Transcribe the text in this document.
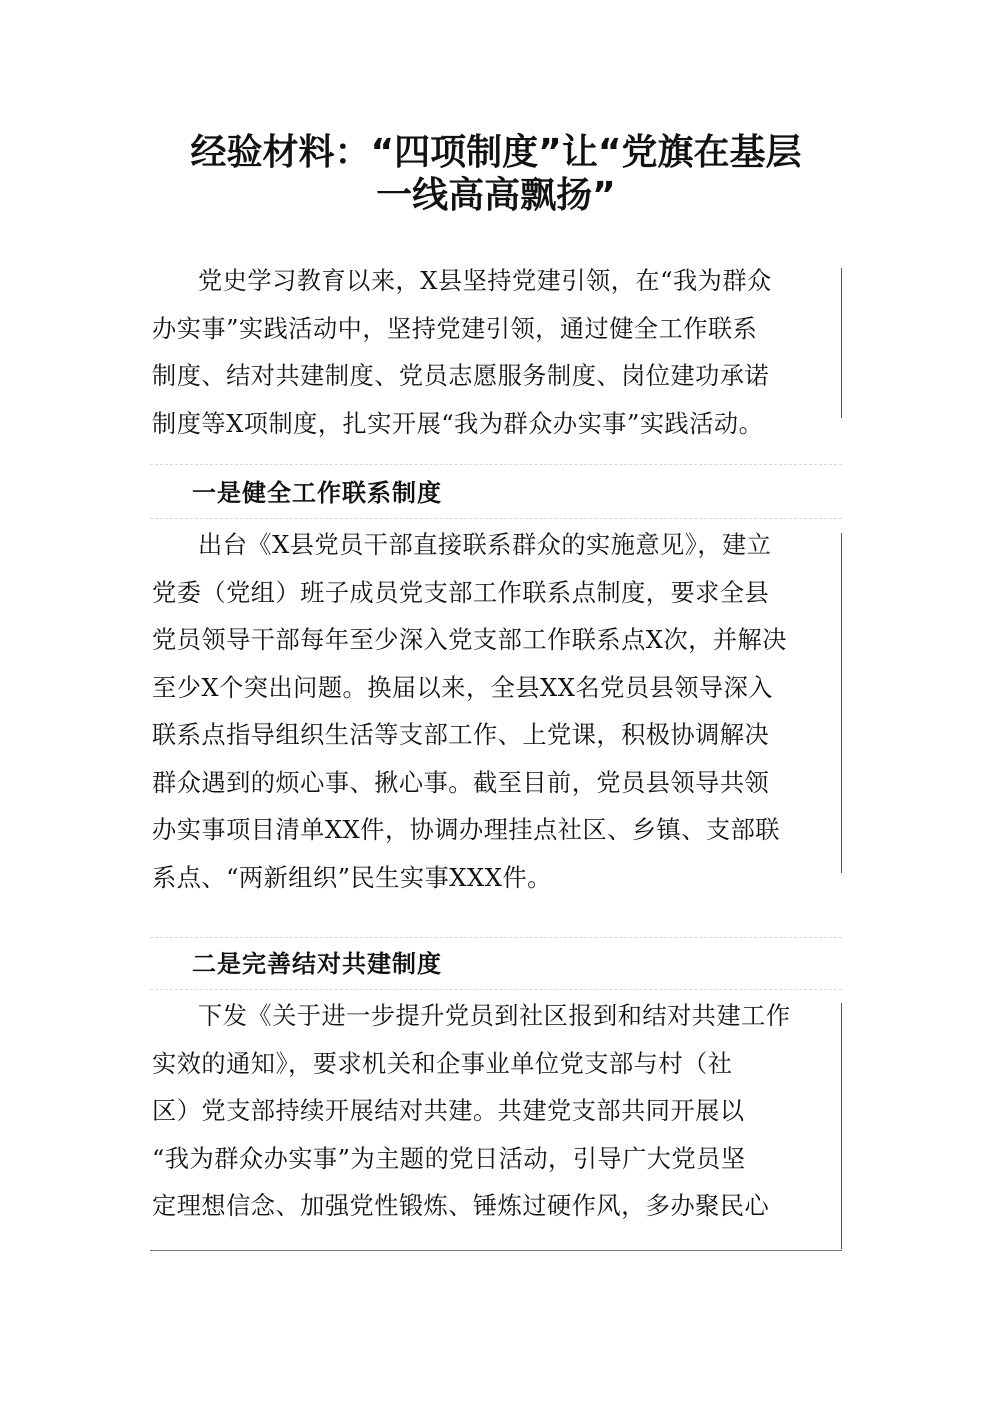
经验材料：“四项制度”让“党旗在基层
一线高高飘扬”
党史学习教育以来，X县坚持党建引领，在“我为群众
办实事”实践活动中，坚持党建引领，通过健全工作联系
制度、结对共建制度、党员志愿服务制度、岗位建功承诺
制度等X项制度，扎实开展“我为群众办实事”实践活动。
一是健全工作联系制度
出台《X县党员干部直接联系群众的实施意见》，建立
党委（党组）班子成员党支部工作联系点制度，要求全县
党员领导干部每年至少深入党支部工作联系点X次，并解决
至少X个突出问题。换届以来，全县XX名党员县领导深入
联系点指导组织生活等支部工作、上党课，积极协调解决
群众遇到的烦心事、揪心事。截至目前，党员县领导共领
办实事项目清单XX件，协调办理挂点社区、乡镇、支部联
系点、“两新组织”民生实事XXX件。
二是完善结对共建制度
下发《关于进一步提升党员到社区报到和结对共建工作
实效的通知》，要求机关和企事业单位党支部与村（社
区）党支部持续开展结对共建。共建党支部共同开展以
“我为群众办实事”为主题的党日活动，引导广大党员坚
定理想信念、加强党性锻炼、锤炼过硬作风，多办聚民心
